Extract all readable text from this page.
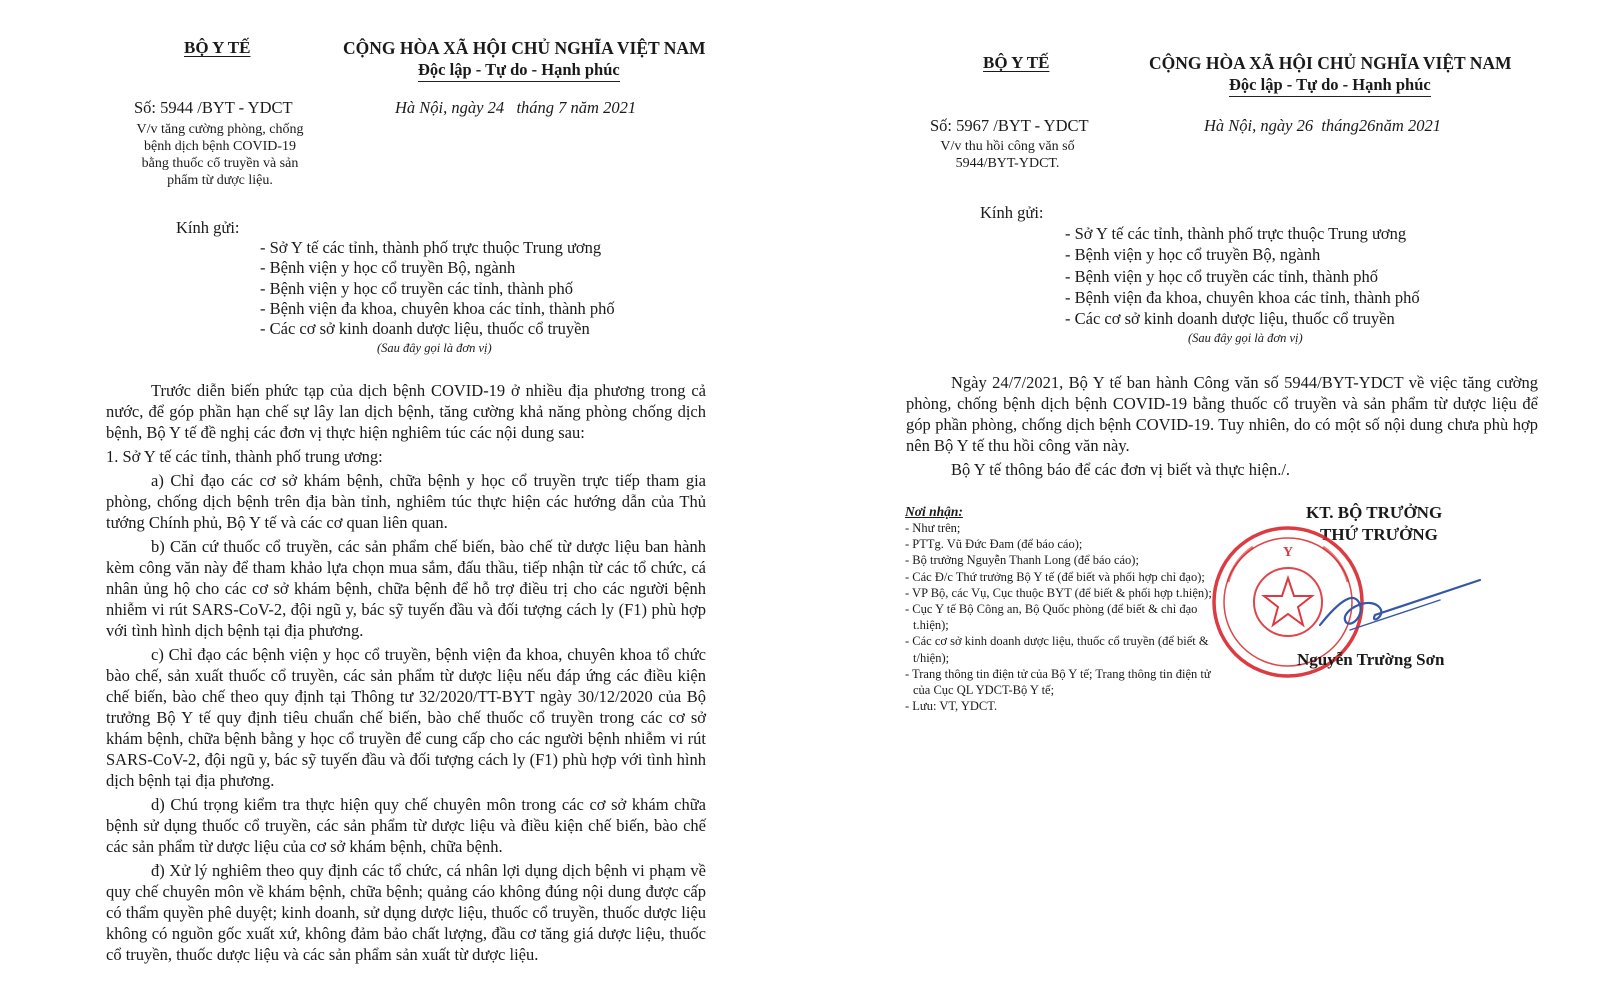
BỘ Y TẾ	CỘNG HÒA XÃ HỘI CHỦ NGHĨA VIỆT NAM
Độc lập - Tự do - Hạnh phúc
Số: 5944 /BYT - YDCT	Hà Nội, ngày 24   tháng 7 năm 2021
V/v tăng cường phòng, chống
bệnh dịch bệnh COVID-19
bằng thuốc cổ truyền và sản
phẩm từ dược liệu.
Kính gửi:
- Sở Y tế các tỉnh, thành phố trực thuộc Trung ương
- Bệnh viện y học cổ truyền Bộ, ngành
- Bệnh viện y học cổ truyền các tỉnh, thành phố
- Bệnh viện đa khoa, chuyên khoa các tỉnh, thành phố
- Các cơ sở kinh doanh dược liệu, thuốc cổ truyền
(Sau đây gọi là đơn vị)

Trước diễn biến phức tạp của dịch bệnh COVID-19 ở nhiều địa phương trong cả nước, để góp phần hạn chế sự lây lan dịch bệnh, tăng cường khả năng phòng chống dịch bệnh, Bộ Y tế đề nghị các đơn vị thực hiện nghiêm túc các nội dung sau:

1. Sở Y tế các tỉnh, thành phố trung ương:

a) Chỉ đạo các cơ sở khám bệnh, chữa bệnh y học cổ truyền trực tiếp tham gia phòng, chống dịch bệnh trên địa bàn tỉnh, nghiêm túc thực hiện các hướng dẫn của Thủ tướng Chính phủ, Bộ Y tế và các cơ quan liên quan.

b) Căn cứ thuốc cổ truyền, các sản phẩm chế biến, bào chế từ dược liệu ban hành kèm công văn này để tham khảo lựa chọn mua sắm, đấu thầu, tiếp nhận từ các tổ chức, cá nhân ủng hộ cho các cơ sở khám bệnh, chữa bệnh để hỗ trợ điều trị cho các người bệnh nhiễm vi rút SARS-CoV-2, đội ngũ y, bác sỹ tuyến đầu và đối tượng cách ly (F1) phù hợp với tình hình dịch bệnh tại địa phương.

c) Chỉ đạo các bệnh viện y học cổ truyền, bệnh viện đa khoa, chuyên khoa tổ chức bào chế, sản xuất thuốc cổ truyền, các sản phẩm từ dược liệu nếu đáp ứng các điều kiện chế biến, bào chế theo quy định tại Thông tư 32/2020/TT-BYT ngày 30/12/2020 của Bộ trưởng Bộ Y tế quy định tiêu chuẩn chế biến, bào chế thuốc cổ truyền trong các cơ sở khám bệnh, chữa bệnh bằng y học cổ truyền để cung cấp cho các người bệnh nhiễm vi rút SARS-CoV-2, đội ngũ y, bác sỹ tuyến đầu và đối tượng cách ly (F1) phù hợp với tình hình dịch bệnh tại địa phương.

d) Chú trọng kiểm tra thực hiện quy chế chuyên môn trong các cơ sở khám chữa bệnh sử dụng thuốc cổ truyền, các sản phẩm từ dược liệu và điều kiện chế biến, bào chế các sản phẩm từ dược liệu của cơ sở khám bệnh, chữa bệnh.

đ) Xử lý nghiêm theo quy định các tổ chức, cá nhân lợi dụng dịch bệnh vi phạm về quy chế chuyên môn về khám bệnh, chữa bệnh; quảng cáo không đúng nội dung được cấp có thẩm quyền phê duyệt; kinh doanh, sử dụng dược liệu, thuốc cổ truyền, thuốc dược liệu không có nguồn gốc xuất xứ, không đảm bảo chất lượng, đầu cơ tăng giá dược liệu, thuốc cổ truyền, thuốc dược liệu và các sản phẩm sản xuất từ dược liệu.

BỘ Y TẾ	CỘNG HÒA XÃ HỘI CHỦ NGHĨA VIỆT NAM
Độc lập - Tự do - Hạnh phúc
Số: 5967 /BYT - YDCT	Hà Nội, ngày 26  tháng26năm 2021
V/v thu hồi công văn số
5944/BYT-YDCT.
Kính gửi:
- Sở Y tế các tỉnh, thành phố trực thuộc Trung ương
- Bệnh viện y học cổ truyền Bộ, ngành
- Bệnh viện y học cổ truyền các tỉnh, thành phố
- Bệnh viện đa khoa, chuyên khoa các tỉnh, thành phố
- Các cơ sở kinh doanh dược liệu, thuốc cổ truyền
(Sau đây gọi là đơn vị)

Ngày 24/7/2021, Bộ Y tế ban hành Công văn số 5944/BYT-YDCT về việc tăng cường phòng, chống bệnh dịch bệnh COVID-19 bằng thuốc cổ truyền và sản phẩm từ dược liệu để góp phần phòng, chống dịch bệnh COVID-19. Tuy nhiên, do có một số nội dung chưa phù hợp nên Bộ Y tế thu hồi công văn này.

Bộ Y tế thông báo để các đơn vị biết và thực hiện./.

Nơi nhận:
- Như trên;
- PTTg. Vũ Đức Đam (để báo cáo);
- Bộ trưởng Nguyễn Thanh Long (để báo cáo);
- Các Đ/c Thứ trưởng Bộ Y tế (để biết và phối hợp chỉ đạo);
- VP Bộ, các Vụ, Cục thuộc BYT (để biết & phối hợp t.hiện);
- Cục Y tế Bộ Công an, Bộ Quốc phòng (để biết & chỉ đạo
t.hiện);
- Các cơ sở kinh doanh dược liệu, thuốc cổ truyền (để biết &
t/hiện);
- Trang thông tin điện tử của Bộ Y tế; Trang thông tin điện tử
của Cục QL YDCT-Bộ Y tế;
- Lưu: VT, YDCT.
KT. BỘ TRƯỞNG
THỨ TRƯỞNG
Y
Nguyễn Trường Sơn
